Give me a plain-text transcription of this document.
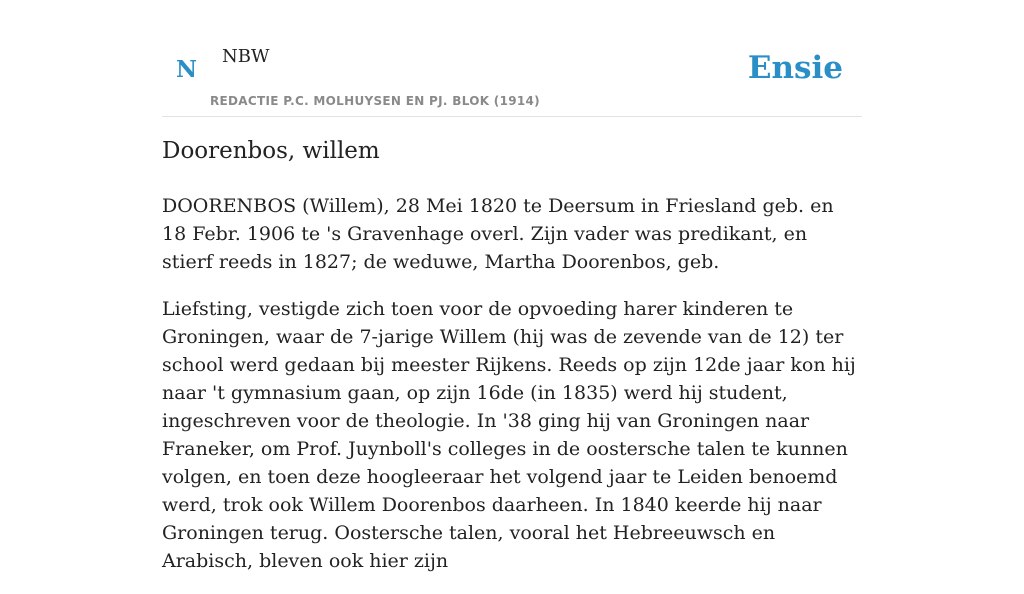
N NBW
REDACTIE P.C. MOLHUYSEN EN PJ. BLOK (1914)
Ensie
Doorenbos, willem

DOORENBOS (Willem), 28 Mei 1820 te Deersum in Friesland geb. en 18 Febr. 1906 te 's Gravenhage overl. Zijn vader was predikant, en stierf reeds in 1827; de weduwe, Martha Doorenbos, geb.

Liefsting, vestigde zich toen voor de opvoeding harer kinderen te Groningen, waar de 7-jarige Willem (hij was de zevende van de 12) ter school werd gedaan bij meester Rijkens. Reeds op zijn 12de jaar kon hij naar 't gymnasium gaan, op zijn 16de (in 1835) werd hij student, ingeschreven voor de theologie. In '38 ging hij van Groningen naar Franeker, om Prof. Juynboll's colleges in de oostersche talen te kunnen volgen, en toen deze hoogleeraar het volgend jaar te Leiden benoemd werd, trok ook Willem Doorenbos daarheen. In 1840 keerde hij naar Groningen terug. Oostersche talen, vooral het Hebreeuwsch en Arabisch, bleven ook hier zijn
